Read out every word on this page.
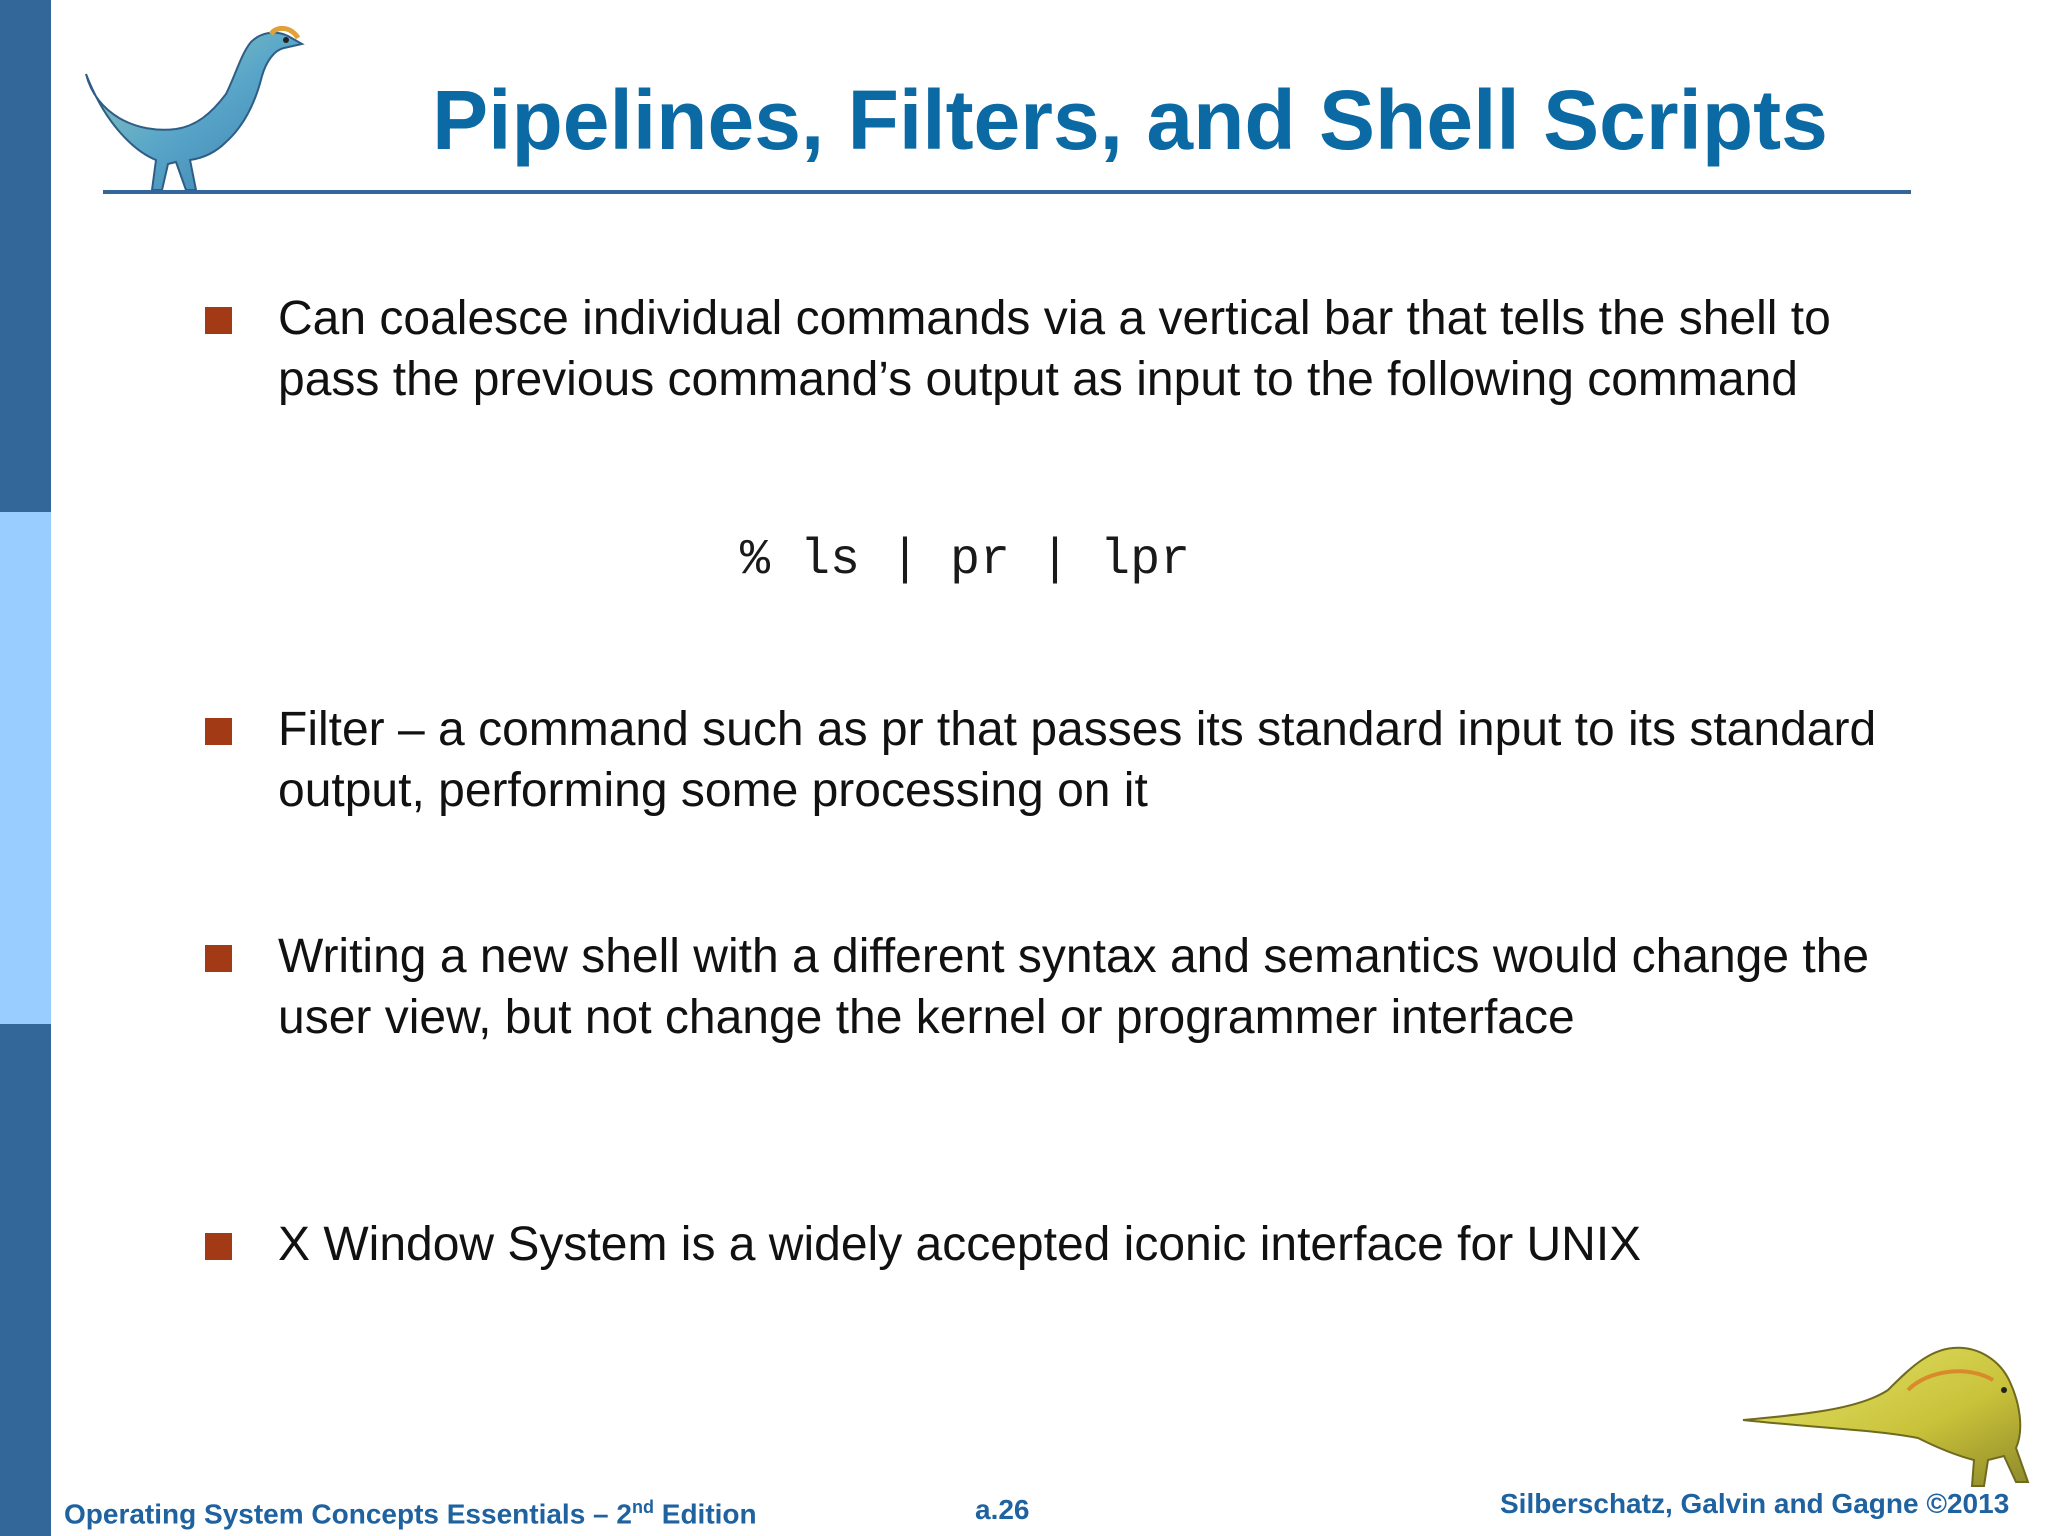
Pipelines, Filters, and Shell Scripts
Can coalesce individual commands via a vertical bar that tells the shell to pass the previous command’s output as input to the following command
% ls | pr | lpr
Filter – a command such as pr that passes its standard input to its standard output, performing some processing on it
Writing a new shell with a different syntax and semantics would change the user view, but not change the kernel or programmer interface
X Window System is a widely accepted iconic interface for UNIX
Operating System Concepts Essentials – 2nd Edition	a.26	Silberschatz, Galvin and Gagne ©2013
